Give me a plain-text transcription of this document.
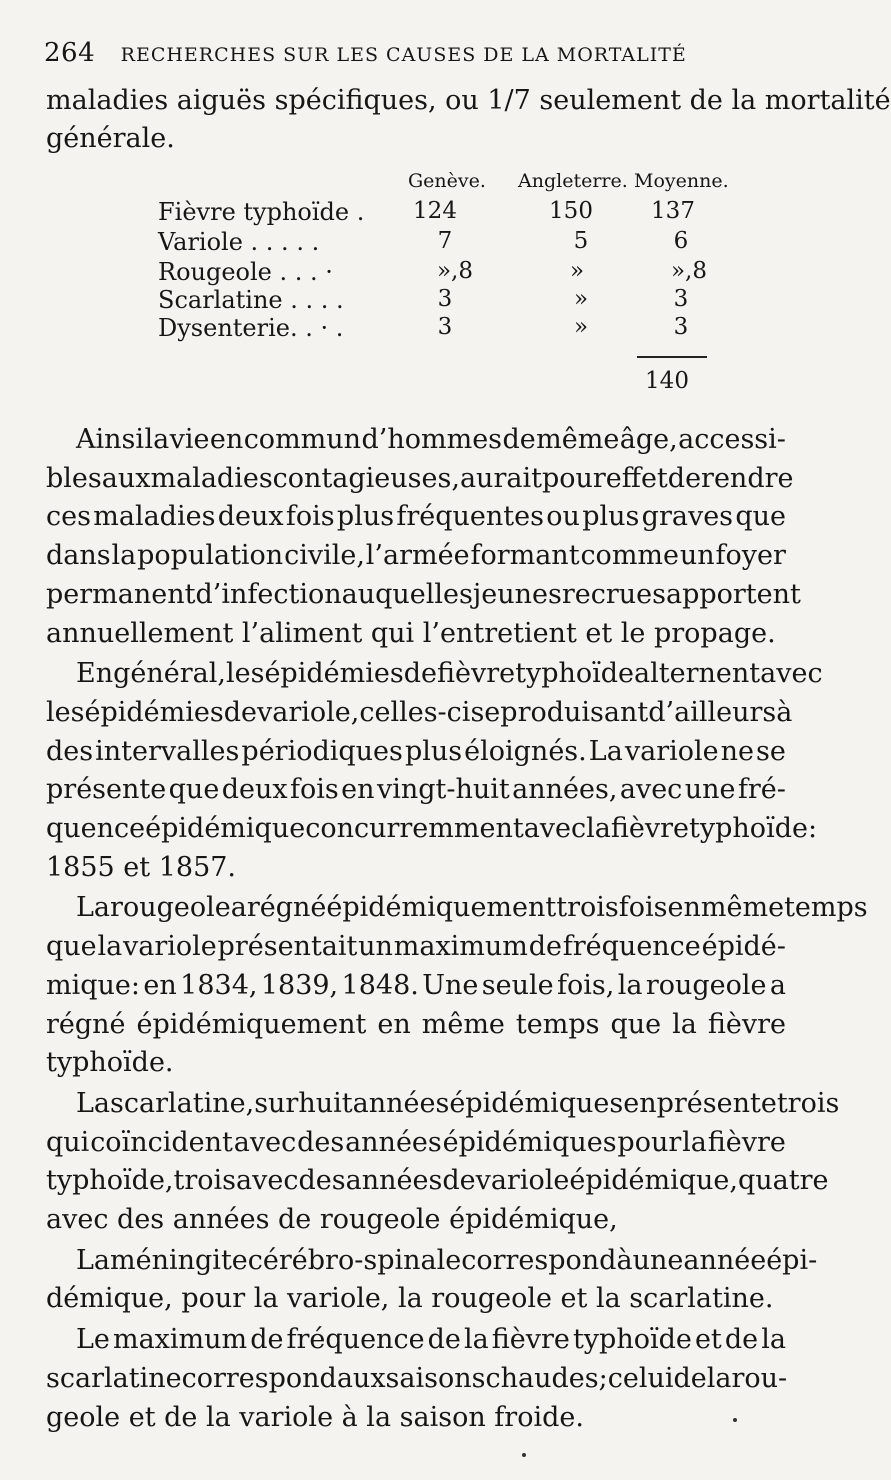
264 RECHERCHES SUR LES CAUSES DE LA MORTALITÉ
maladies aiguës spécifiques, ou 1/7 seulement de la mortalité
générale.
Genève. Angleterre. Moyenne.
Fièvre typhoïde .	124	150	137
Variole . . . . .	7	5	6
Rougeole . . . ·	»,8	»	»,8
Scarlatine . . . .	3	»	3
Dysenterie. . · .	3	»	3
140
Ainsi la vie en commun d’hommes de même âge, accessi-
bles aux maladies contagieuses, aurait pour effet de rendre
ces maladies deux fois plus fréquentes ou plus graves que
dans la population civile, l’armée formant comme un foyer
permanent d’infection auquel les jeunes recrues apportent
annuellement l’aliment qui l’entretient et le propage.
En général, les épidémies de fièvre typhoïde alternent avec
les épidémies de variole, celles-ci se produisant d’ailleurs à
des intervalles périodiques plus éloignés. La variole ne se
présente que deux fois en vingt-huit années, avec une fré-
quence épidémique concurremment avec la fièvre typhoïde:
1855 et 1857.
La rougeole a régné épidémiquement trois fois en même temps
que la variole présentait un maximum de fréquence épidé-
mique: en 1834, 1839, 1848. Une seule fois, la rougeole a
régné épidémiquement en même temps que la fièvre
typhoïde.
La scarlatine, sur huit années épidémiques en présente trois
qui coïncident avec des années épidémiques pour la fièvre
typhoïde, trois avec des années de variole épidémique, quatre
avec des années de rougeole épidémique,
La méningite cérébro-spinale correspond à une année épi-
démique, pour la variole, la rougeole et la scarlatine.
Le maximum de fréquence de la fièvre typhoïde et de la
scarlatine correspond aux saisons chaudes ; celui de la rou-
geole et de la variole à la saison froide.
